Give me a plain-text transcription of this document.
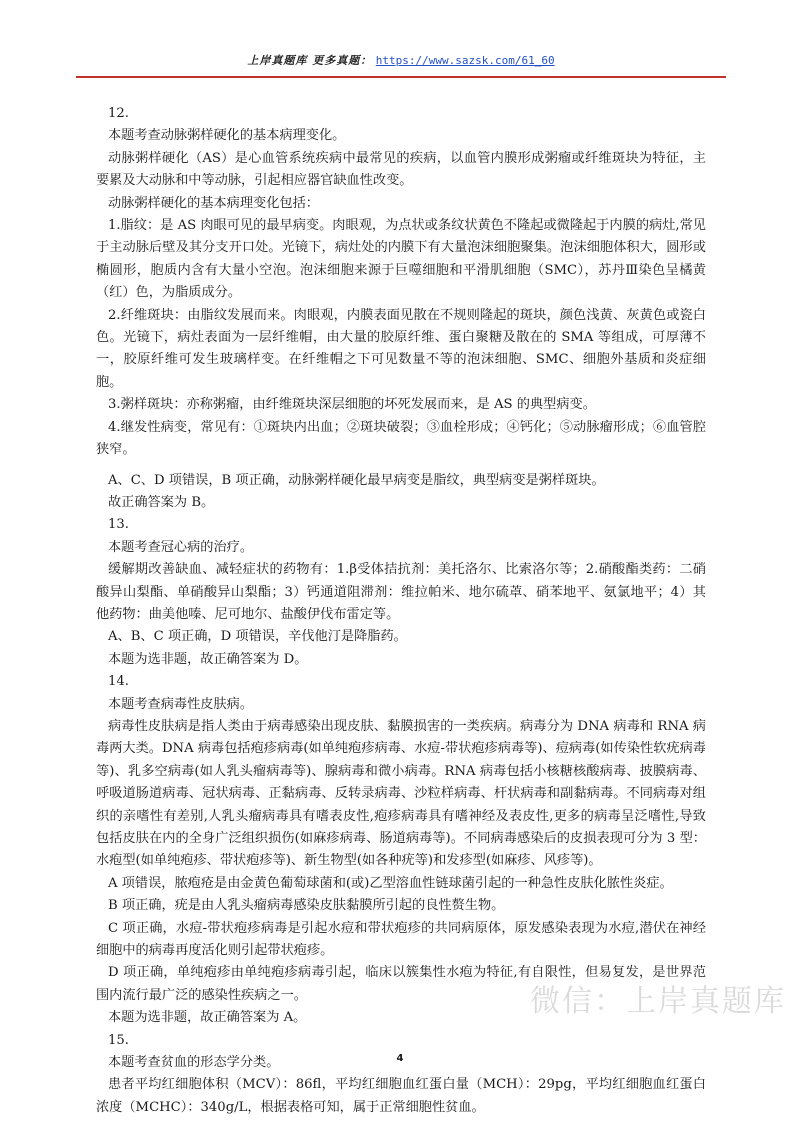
上岸真题库 更多真题： https://www.sazsk.com/61_60

12.

本题考查动脉粥样硬化的基本病理变化。

动脉粥样硬化（AS）是心血管系统疾病中最常见的疾病，以血管内膜形成粥瘤或纤维斑块为特征，主要累及大动脉和中等动脉，引起相应器官缺血性改变。

动脉粥样硬化的基本病理变化包括：

1.脂纹：是 AS 肉眼可见的最早病变。肉眼观，为点状或条纹状黄色不隆起或微隆起于内膜的病灶,常见于主动脉后壁及其分支开口处。光镜下，病灶处的内膜下有大量泡沫细胞聚集。泡沫细胞体积大，圆形或椭圆形，胞质内含有大量小空泡。泡沫细胞来源于巨噬细胞和平滑肌细胞（SMC），苏丹Ⅲ染色呈橘黄（红）色，为脂质成分。

2.纤维斑块：由脂纹发展而来。肉眼观，内膜表面见散在不规则隆起的斑块，颜色浅黄、灰黄色或瓷白色。光镜下，病灶表面为一层纤维帽，由大量的胶原纤维、蛋白聚糖及散在的 SMA 等组成，可厚薄不一，胶原纤维可发生玻璃样变。在纤维帽之下可见数量不等的泡沫细胞、SMC、细胞外基质和炎症细胞。

3.粥样斑块：亦称粥瘤，由纤维斑块深层细胞的坏死发展而来，是 AS 的典型病变。

4.继发性病变，常见有：①斑块内出血；②斑块破裂；③血栓形成；④钙化；⑤动脉瘤形成；⑥血管腔狭窄。

A、C、D 项错误，B 项正确，动脉粥样硬化最早病变是脂纹，典型病变是粥样斑块。

故正确答案为 B。

13.

本题考查冠心病的治疗。

缓解期改善缺血、减轻症状的药物有：1.β受体拮抗剂：美托洛尔、比索洛尔等；2.硝酸酯类药：二硝酸异山梨酯、单硝酸异山梨酯；3）钙通道阻滞剂：维拉帕米、地尔硫䓬、硝苯地平、氨氯地平；4）其他药物：曲美他嗪、尼可地尔、盐酸伊伐布雷定等。

A、B、C 项正确，D 项错误，辛伐他汀是降脂药。

本题为选非题，故正确答案为 D。

14.

本题考查病毒性皮肤病。

病毒性皮肤病是指人类由于病毒感染出现皮肤、黏膜损害的一类疾病。病毒分为 DNA 病毒和 RNA 病毒两大类。DNA 病毒包括疱疹病毒(如单纯疱疹病毒、水痘-带状疱疹病毒等)、痘病毒(如传染性软疣病毒等)、乳多空病毒(如人乳头瘤病毒等)、腺病毒和微小病毒。RNA 病毒包括小核糖核酸病毒、披膜病毒、呼吸道肠道病毒、冠状病毒、正黏病毒、反转录病毒、沙粒样病毒、杆状病毒和副黏病毒。不同病毒对组织的亲嗜性有差别,人乳头瘤病毒具有嗜表皮性,疱疹病毒具有嗜神经及表皮性,更多的病毒呈泛嗜性,导致包括皮肤在内的全身广泛组织损伤(如麻疹病毒、肠道病毒等)。不同病毒感染后的皮损表现可分为 3 型：水疱型(如单纯疱疹、带状疱疹等)、新生物型(如各种疣等)和发疹型(如麻疹、风疹等)。

A 项错误，脓疱疮是由金黄色葡萄球菌和(或)乙型溶血性链球菌引起的一种急性皮肤化脓性炎症。

B 项正确，疣是由人乳头瘤病毒感染皮肤黏膜所引起的良性赘生物。

C 项正确，水痘-带状疱疹病毒是引起水痘和带状疱疹的共同病原体，原发感染表现为水痘,潜伏在神经细胞中的病毒再度活化则引起带状疱疹。

D 项正确，单纯疱疹由单纯疱疹病毒引起，临床以簇集性水疱为特征,有自限性，但易复发，是世界范围内流行最广泛的感染性疾病之一。

本题为选非题，故正确答案为 A。

15.

本题考查贫血的形态学分类。

患者平均红细胞体积（MCV）：86fl，平均红细胞血红蛋白量（MCH）：29pg，平均红细胞血红蛋白浓度（MCHC）：340g/L，根据表格可知，属于正常细胞性贫血。

微信：上岸真题库
4
